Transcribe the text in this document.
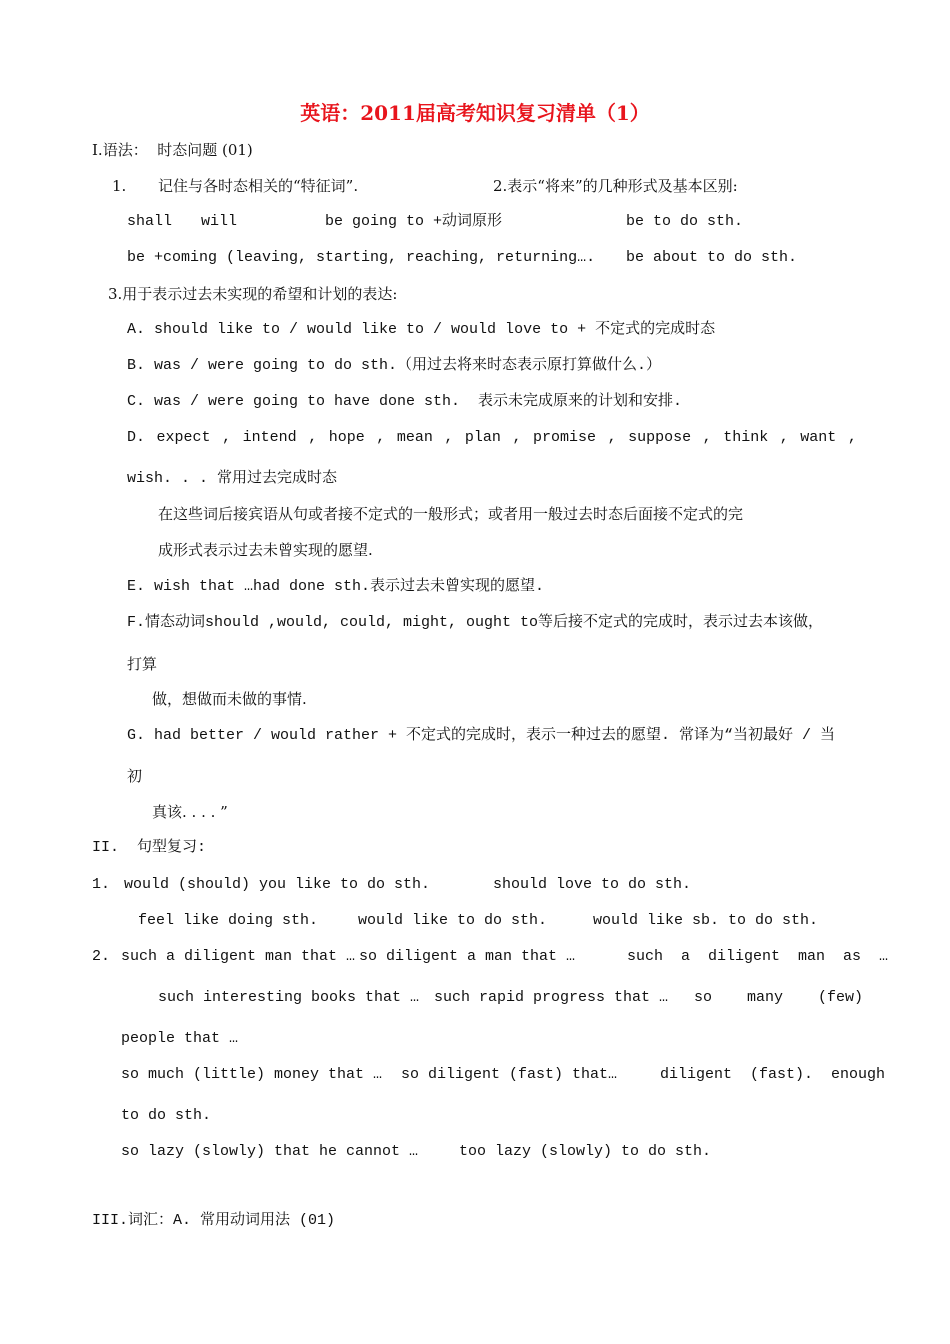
英语：2011届高考知识复习清单（1）
I.语法：  时态问题 (01)
1. 记住与各时态相关的“特征词”.	2.表示“将来”的几种形式及基本区别:
shall will	be going to +动词原形	be to do sth.
be +coming (leaving, starting, reaching, returning…. be about to do sth.
3.用于表示过去未实现的希望和计划的表达:
A. should like to / would like to / would love to + 不定式的完成时态
B. was / were going to do sth.（用过去将来时态表示原打算做什么.）
C. was / were going to have done sth.  表示未完成原来的计划和安排.
D. expect , intend , hope , mean , plan , promise , suppose , think , want ,
wish. . . 常用过去完成时态
在这些词后接宾语从句或者接不定式的一般形式；或者用一般过去时态后面接不定式的完
成形式表示过去未曾实现的愿望.
E. wish that …had done sth.表示过去未曾实现的愿望.
F.情态动词should ,would, could, might, ought to等后接不定式的完成时，表示过去本该做，
打算
做，想做而未做的事情.
G. had better / would rather + 不定式的完成时，表示一种过去的愿望. 常译为“当初最好 / 当
初
真该. . . . ”
II.  句型复习:
1. would (should) you like to do sth.	should love to do sth.
feel like doing sth.	would like to do sth.	would like sb. to do sth.
2. such a diligent man that … so diligent a man that …	such  a  diligent  man  as  …
such interesting books that … such rapid progress that … so many (few)
people that …
so much (little) money that … so diligent (fast) that…	diligent  (fast).  enough
to do sth.
so lazy (slowly) that he cannot …	too lazy (slowly) to do sth.
III.词汇：A. 常用动词用法 (01)
